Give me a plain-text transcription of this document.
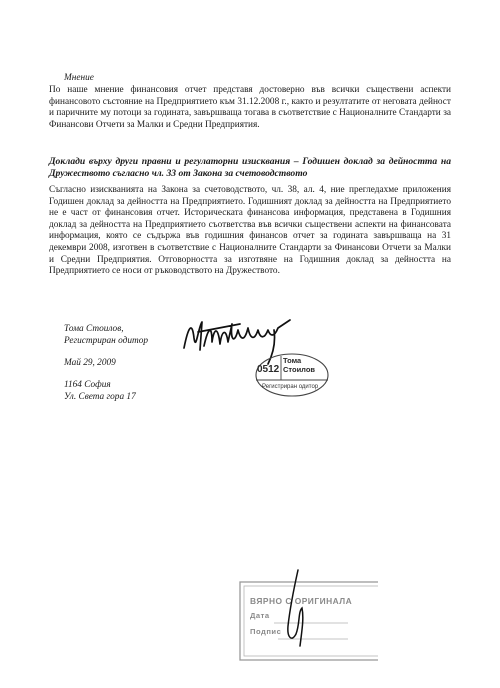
Мнение
По наше мнение финансовия отчет представя достоверно във всички съществени аспекти финансовото състояние на Предприятието към 31.12.2008 г., както и резултатите от неговата дейност и паричните му потоци за годината, завършваща тогава в съответствие с Националните Стандарти за Финансови Отчети за Малки и Средни Предприятия.
Доклади върху други правни и регулаторни изисквания – Годишен доклад за дейността на Дружеството съгласно чл. 33 от Закона за счетоводството
Съгласно изискванията на Закона за счетоводството, чл. 38, ал. 4, ние прегледахме приложения Годишен доклад за дейността на Предприятието. Годишният доклад за дейността на Предприятието не е част от финансовия отчет. Историческата финансова информация, представена в Годишния доклад за дейността на Предприятието съответства във всички съществени аспекти на финансовата информация, която се съдържа във годишния финансов отчет за годината завършваща на 31 декември 2008, изготвен в съответствие с Националните Стандарти за Финансови Отчети за Малки и Средни Предприятия. Отговорността за изготвяне на Годишния доклад за дейността на Предприятието се носи от ръководството на Дружеството.
Тома Стоилов,
Регистриран одитор
Май 29, 2009
1164 София
Ул. Света гора 17
0512
Тома
Стоилов
Регистриран одитор
ВЯРНО С ОРИГИНАЛА
Дата
Подпис
